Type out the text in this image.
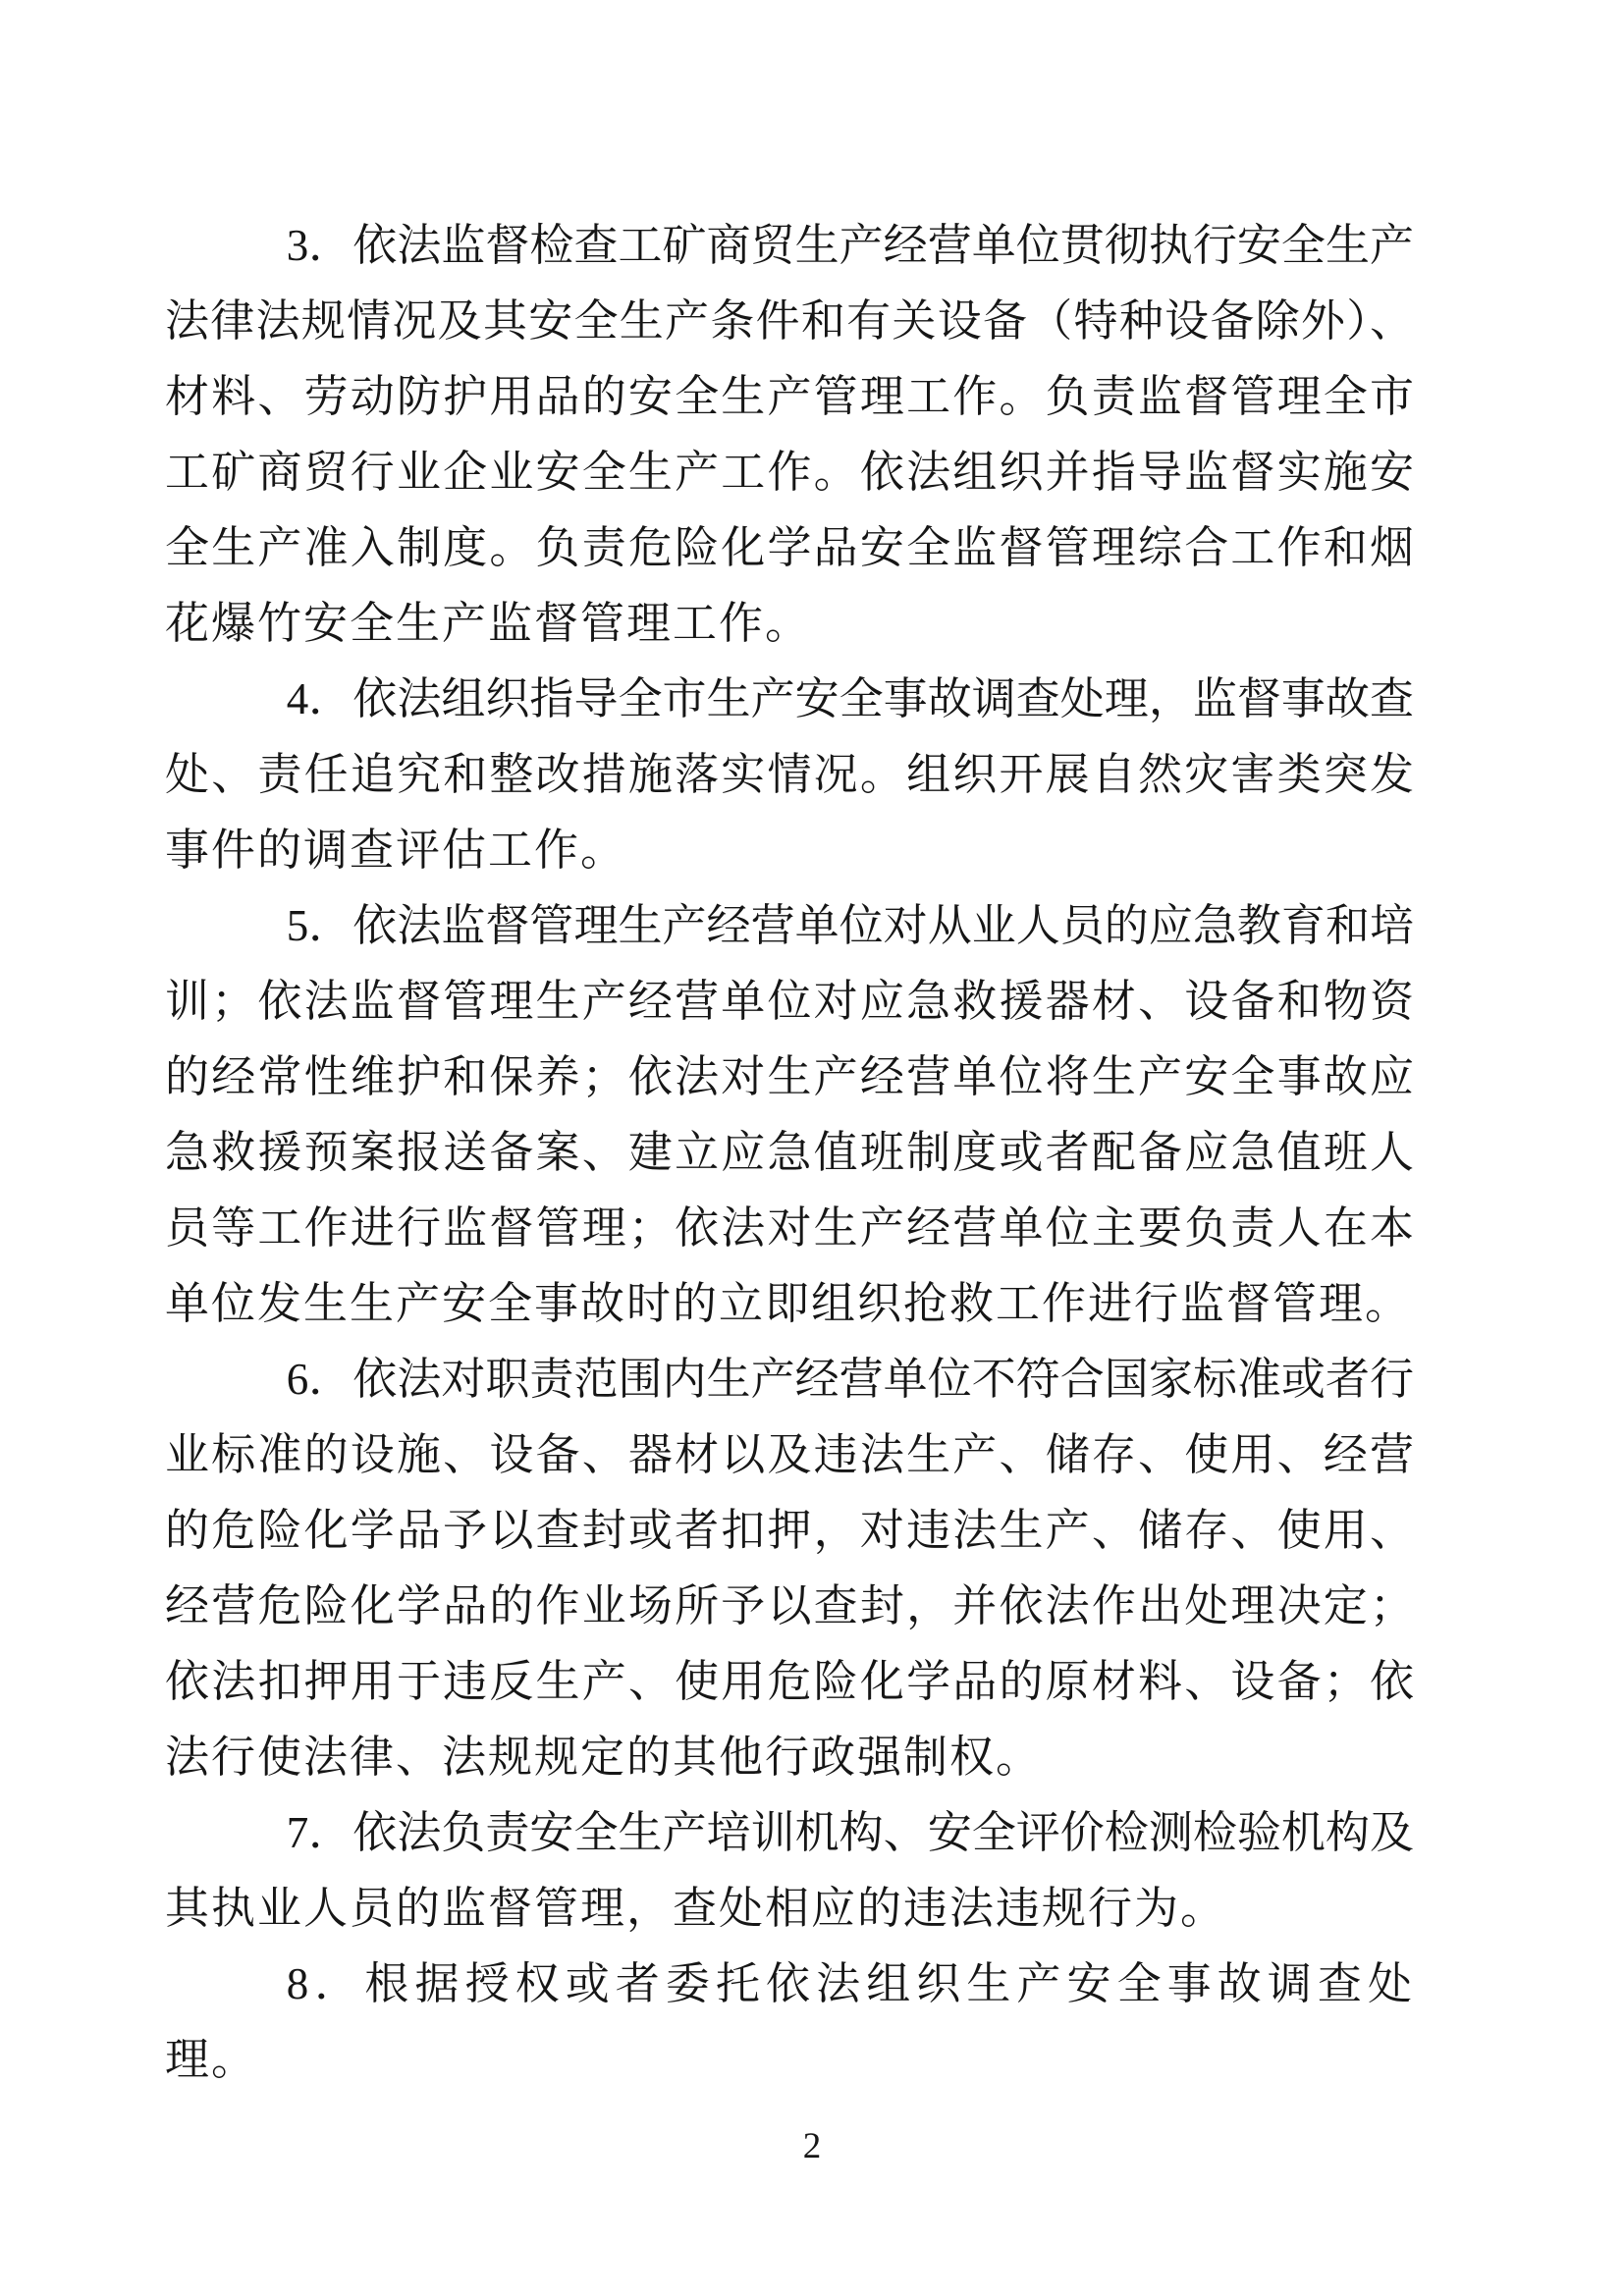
3．依法监督检查工矿商贸生产经营单位贯彻执行安全生产

法律法规情况及其安全生产条件和有关设备（特种设备除外）、

材料、劳动防护用品的安全生产管理工作。负责监督管理全市

工矿商贸行业企业安全生产工作。依法组织并指导监督实施安

全生产准入制度。负责危险化学品安全监督管理综合工作和烟

花爆竹安全生产监督管理工作。

4．依法组织指导全市生产安全事故调查处理，监督事故查

处、责任追究和整改措施落实情况。组织开展自然灾害类突发

事件的调查评估工作。

5．依法监督管理生产经营单位对从业人员的应急教育和培

训；依法监督管理生产经营单位对应急救援器材、设备和物资

的经常性维护和保养；依法对生产经营单位将生产安全事故应

急救援预案报送备案、建立应急值班制度或者配备应急值班人

员等工作进行监督管理；依法对生产经营单位主要负责人在本

单位发生生产安全事故时的立即组织抢救工作进行监督管理。

6．依法对职责范围内生产经营单位不符合国家标准或者行

业标准的设施、设备、器材以及违法生产、储存、使用、经营

的危险化学品予以查封或者扣押，对违法生产、储存、使用、

经营危险化学品的作业场所予以查封，并依法作出处理决定；

依法扣押用于违反生产、使用危险化学品的原材料、设备；依

法行使法律、法规规定的其他行政强制权。

7．依法负责安全生产培训机构、安全评价检测检验机构及

其执业人员的监督管理，查处相应的违法违规行为。

8．根据授权或者委托依法组织生产安全事故调查处理。

2
